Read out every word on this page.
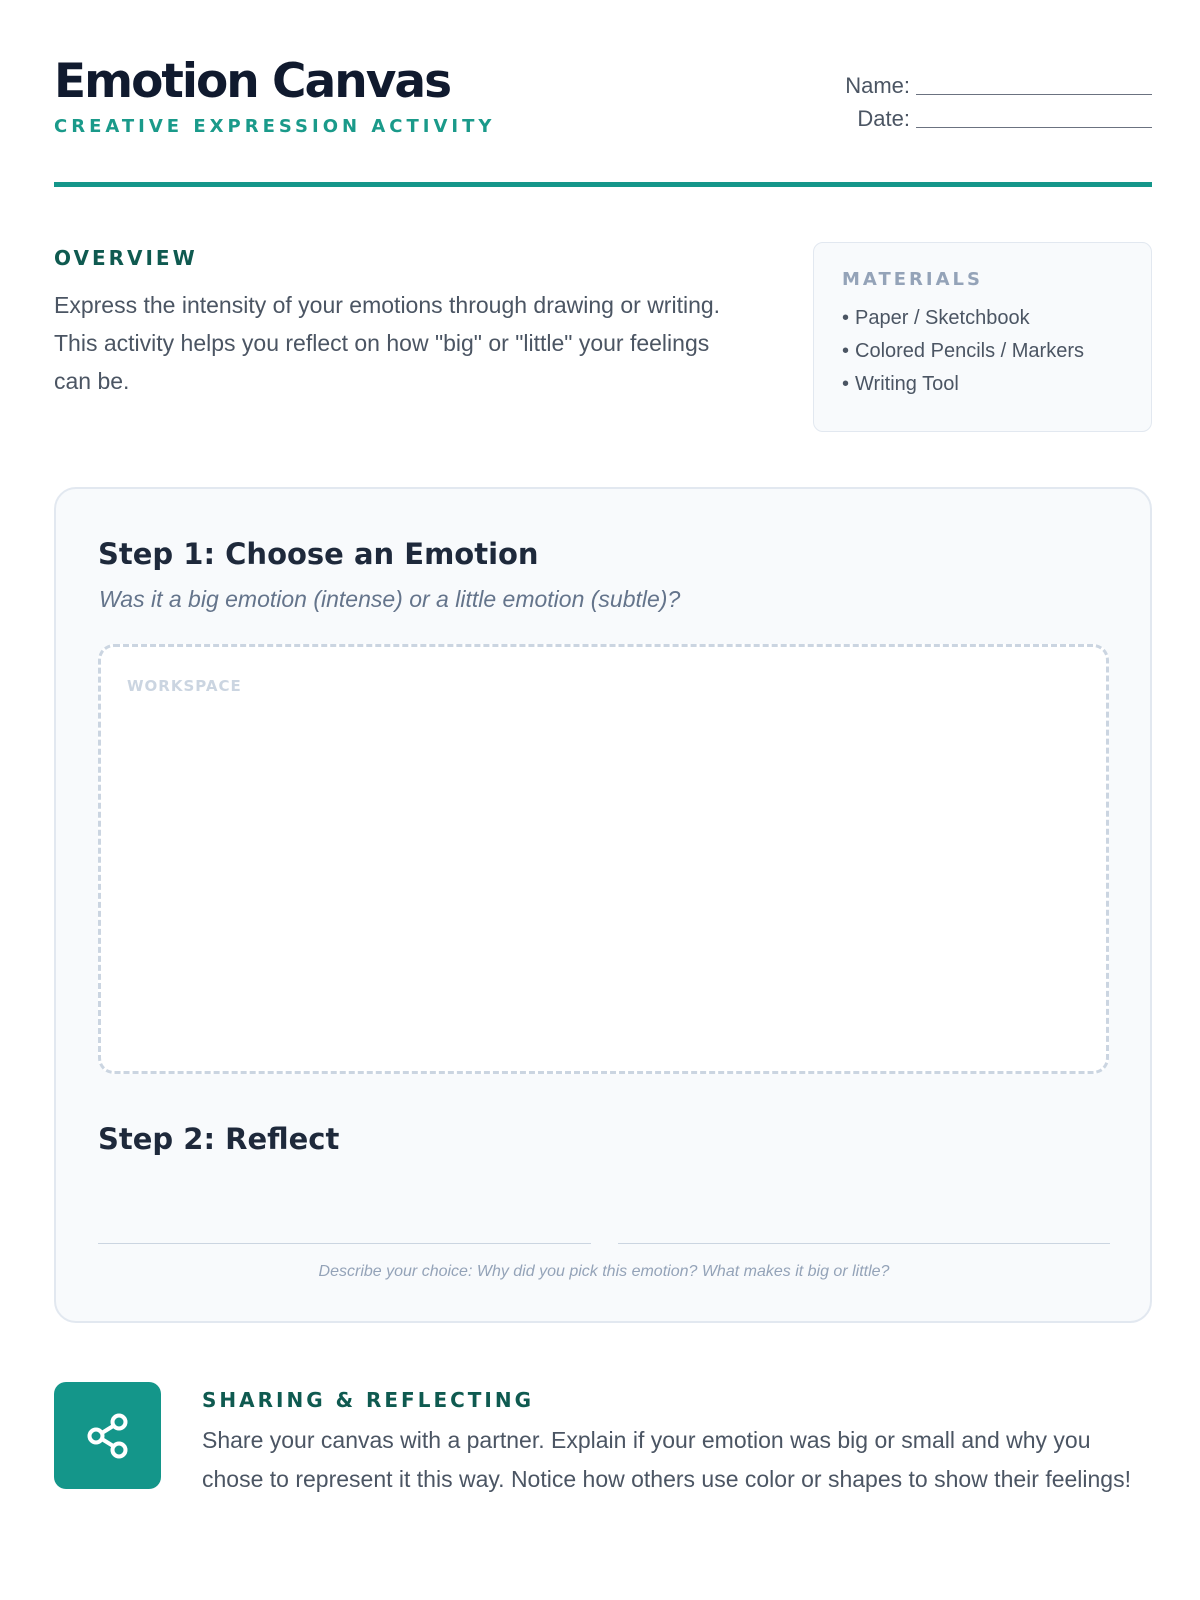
Emotion Canvas
CREATIVE EXPRESSION ACTIVITY
Name:
Date:
OVERVIEW
Express the intensity of your emotions through drawing or writing. This activity helps you reflect on how "big" or "little" your feelings can be.
MATERIALS
• Paper / Sketchbook
• Colored Pencils / Markers
• Writing Tool
Step 1: Choose an Emotion
Was it a big emotion (intense) or a little emotion (subtle)?
WORKSPACE
Step 2: Reflect
Describe your choice: Why did you pick this emotion? What makes it big or little?
SHARING & REFLECTING
Share your canvas with a partner. Explain if your emotion was big or small and why you chose to represent it this way. Notice how others use color or shapes to show their feelings!
